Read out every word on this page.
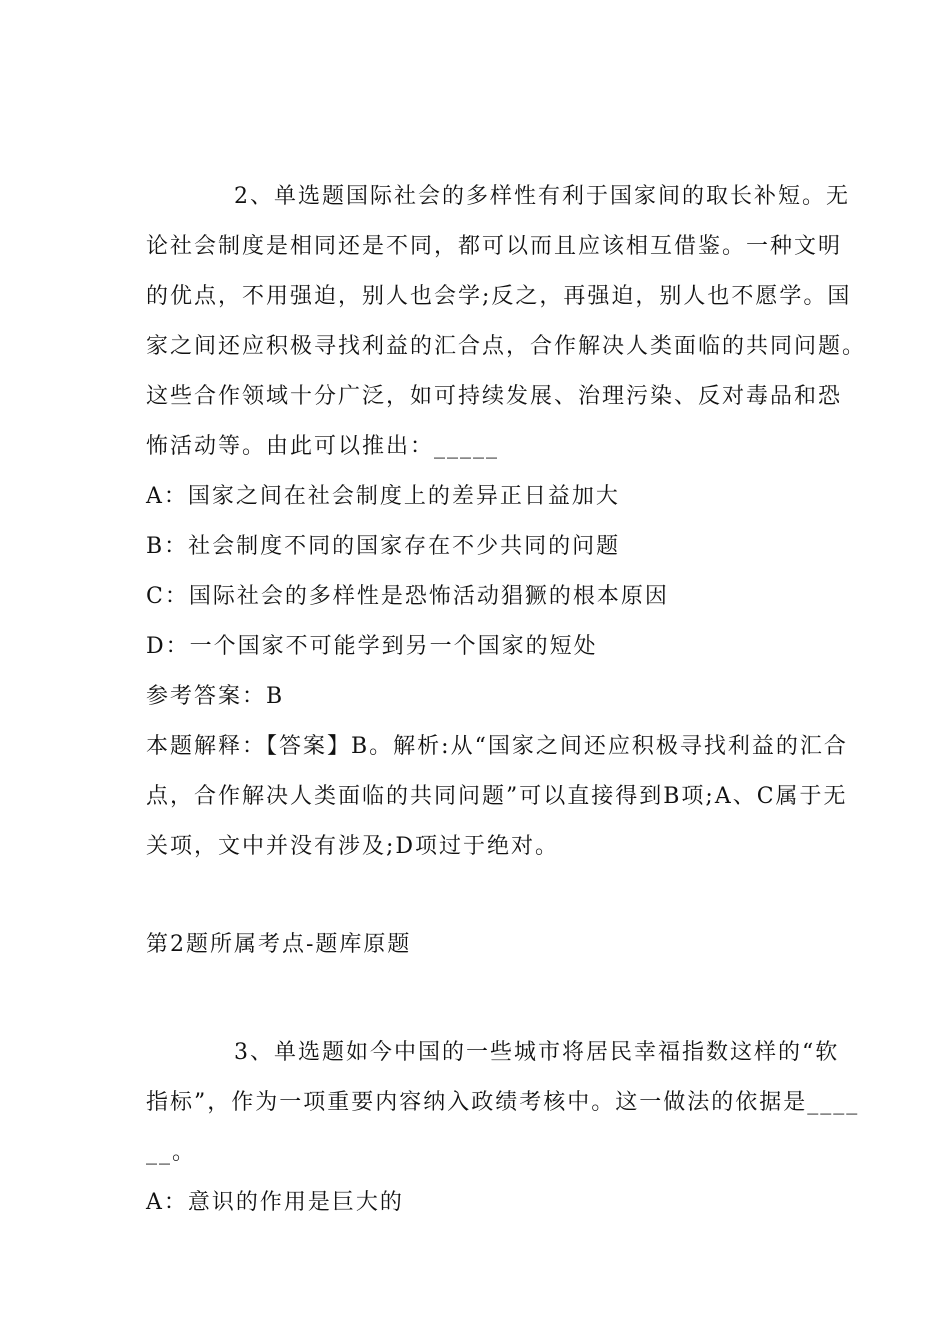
2、单选题国际社会的多样性有利于国家间的取长补短。无
论社会制度是相同还是不同，都可以而且应该相互借鉴。一种文明
的优点，不用强迫，别人也会学;反之，再强迫，别人也不愿学。国
家之间还应积极寻找利益的汇合点，合作解决人类面临的共同问题。
这些合作领域十分广泛，如可持续发展、治理污染、反对毒品和恐
怖活动等。由此可以推出：_____
A：国家之间在社会制度上的差异正日益加大
B：社会制度不同的国家存在不少共同的问题
C：国际社会的多样性是恐怖活动猖獗的根本原因
D：一个国家不可能学到另一个国家的短处
参考答案：B
本题解释：【答案】B。解析:从“国家之间还应积极寻找利益的汇合
点，合作解决人类面临的共同问题”可以直接得到B项;A、C属于无
关项，文中并没有涉及;D项过于绝对。
第2题所属考点-题库原题
3、单选题如今中国的一些城市将居民幸福指数这样的“软
指标”，作为一项重要内容纳入政绩考核中。这一做法的依据是____
__。
A：意识的作用是巨大的
